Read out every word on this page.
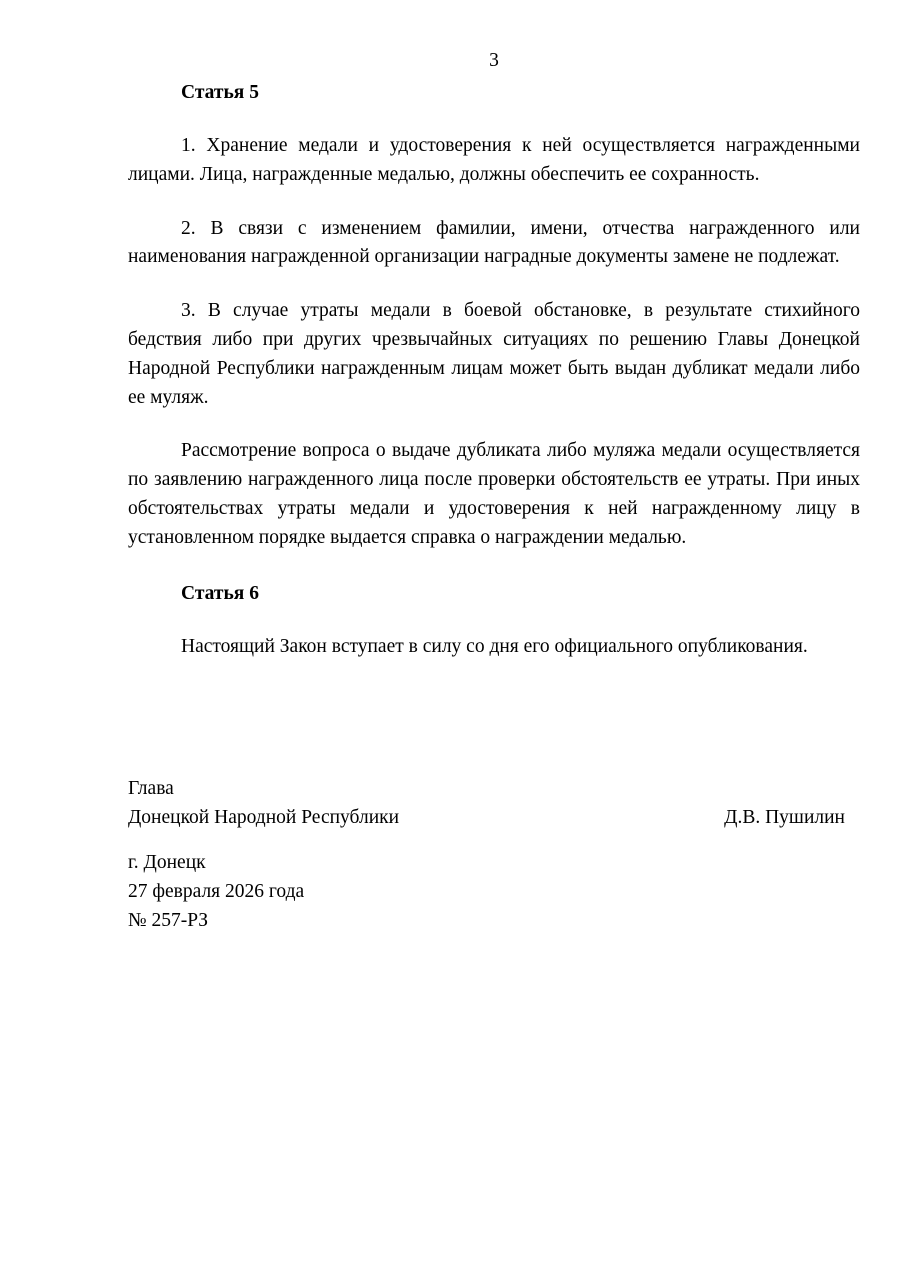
3
Статья 5

1. Хранение медали и удостоверения к ней осуществляется награжденными лицами. Лица, награжденные медалью, должны обеспечить ее сохранность.

2. В связи с изменением фамилии, имени, отчества награжденного или наименования награжденной организации наградные документы замене не подлежат.

3. В случае утраты медали в боевой обстановке, в результате стихийного бедствия либо при других чрезвычайных ситуациях по решению Главы Донецкой Народной Республики награжденным лицам может быть выдан дубликат медали либо ее муляж.

Рассмотрение вопроса о выдаче дубликата либо муляжа медали осуществляется по заявлению награжденного лица после проверки обстоятельств ее утраты. При иных обстоятельствах утраты медали и удостоверения к ней награжденному лицу в установленном порядке выдается справка о награждении медалью.

Статья 6

Настоящий Закон вступает в силу со дня его официального опубликования.

Глава
Донецкой Народной Республики	Д.В. Пушилин
г. Донецк
27 февраля 2026 года
№ 257-РЗ
